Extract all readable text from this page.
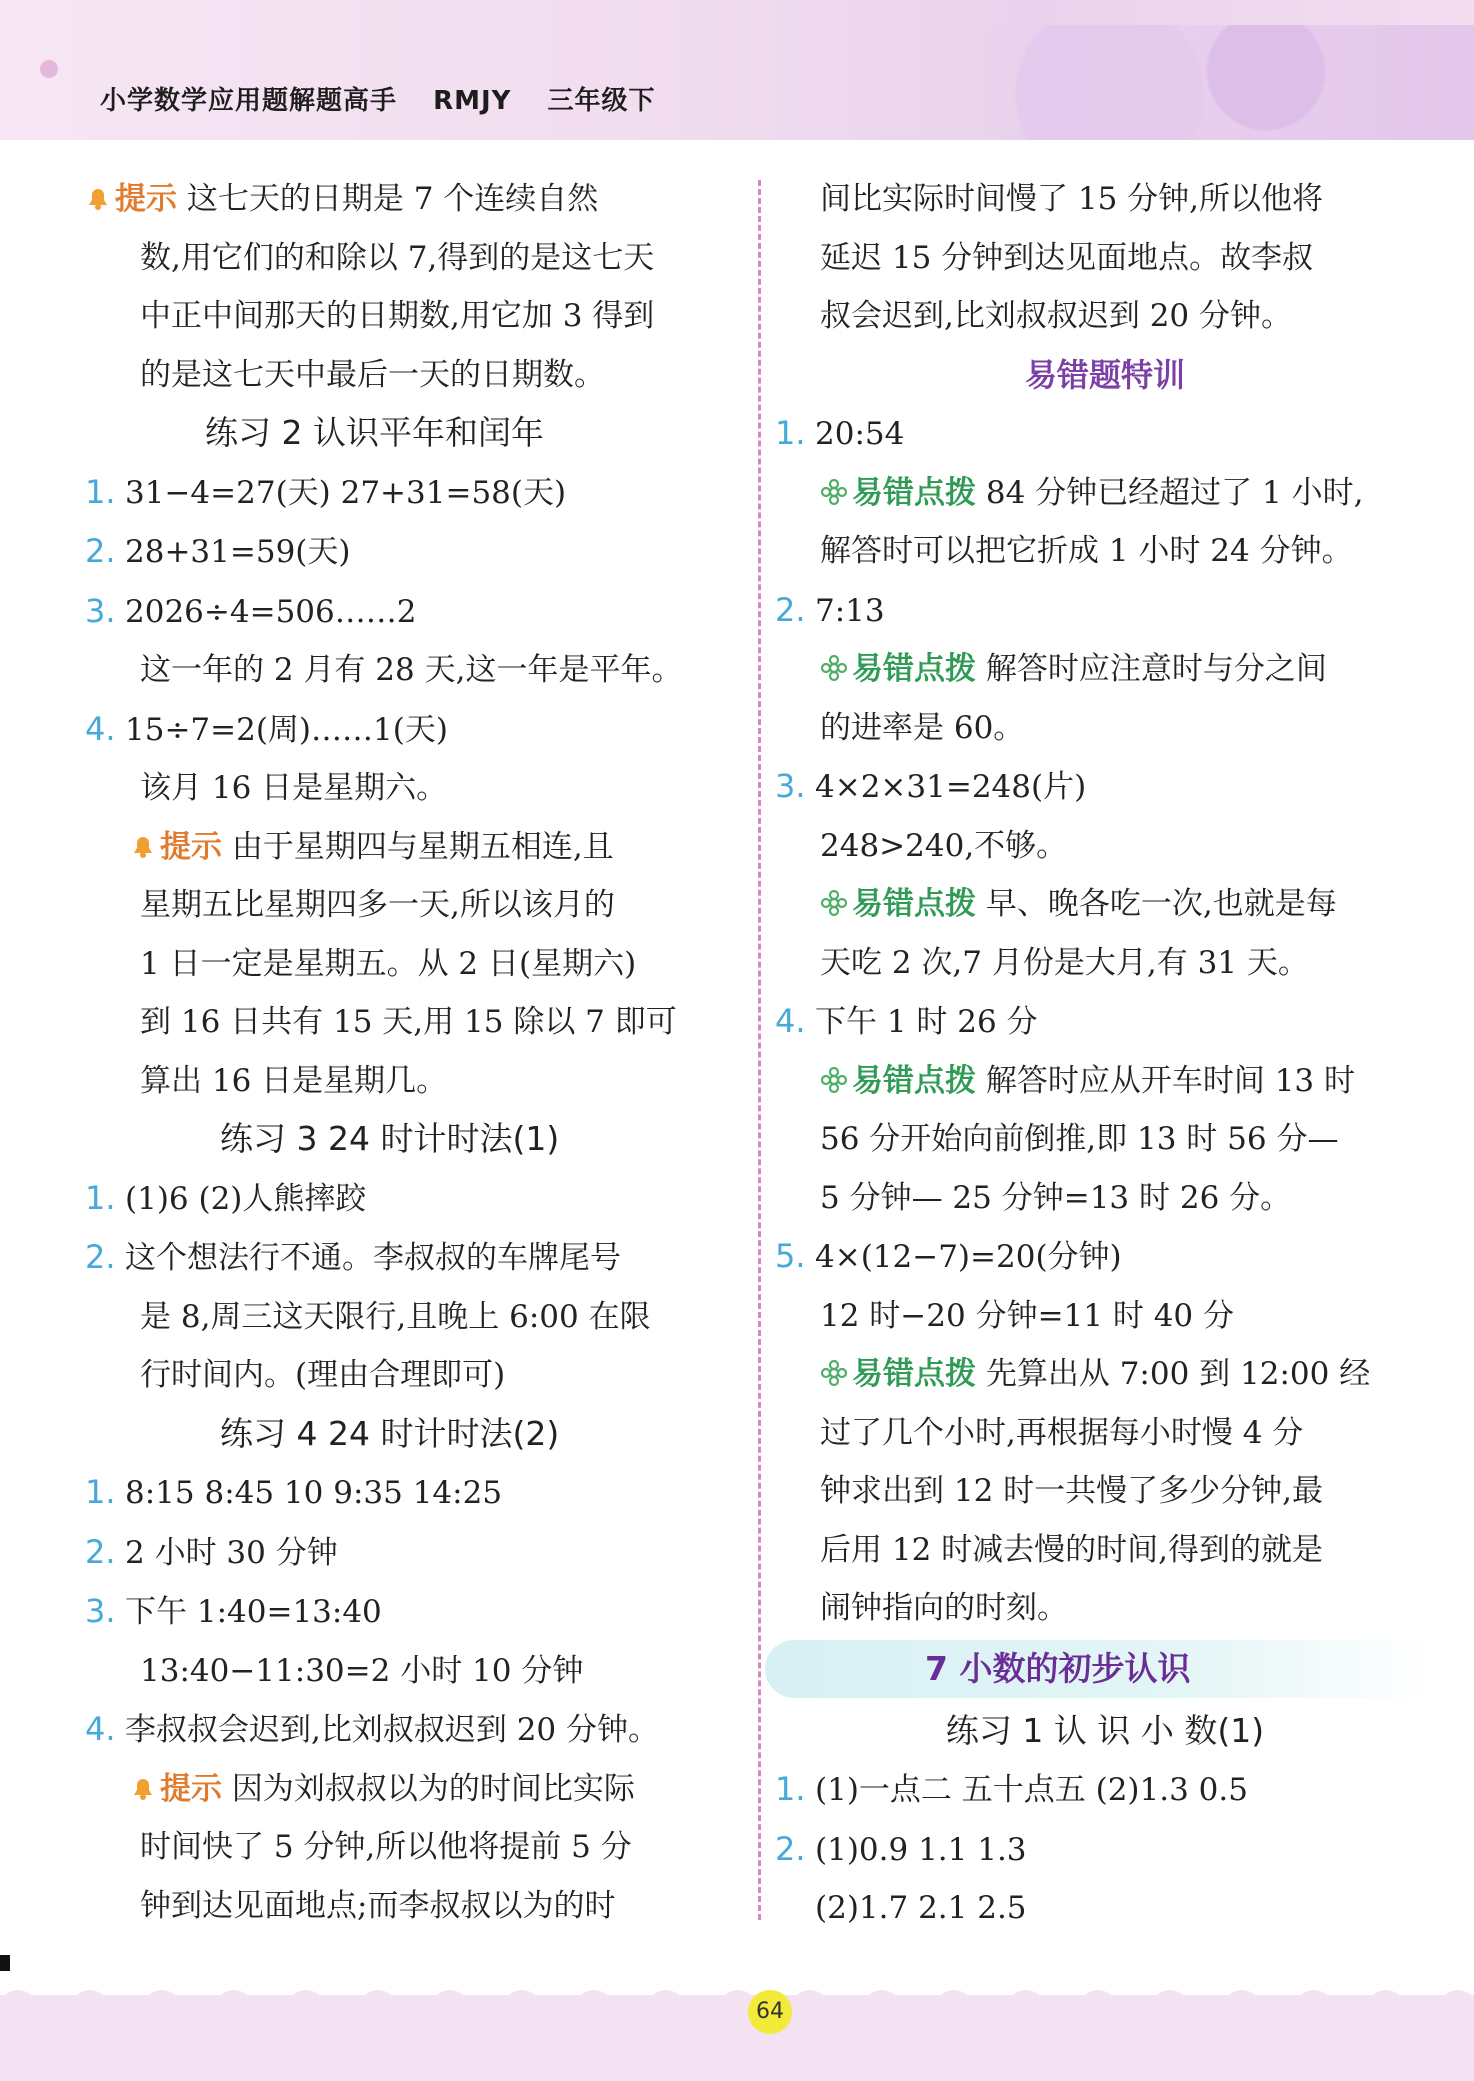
小学数学应用题解题高手 RMJY 三年级下
提示 这七天的日期是 7 个连续自然
数,用它们的和除以 7,得到的是这七天
中正中间那天的日期数,用它加 3 得到
的是这七天中最后一天的日期数。
练习 2 认识平年和闰年
1. 31−4=27(天) 27+31=58(天)
2. 28+31=59(天)
3. 2026÷4=506……2
这一年的 2 月有 28 天,这一年是平年。
4. 15÷7=2(周)……1(天)
该月 16 日是星期六。
提示 由于星期四与星期五相连,且
星期五比星期四多一天,所以该月的
1 日一定是星期五。从 2 日(星期六)
到 16 日共有 15 天,用 15 除以 7 即可
算出 16 日是星期几。
练习 3 24 时计时法(1)
1. (1)6 (2)人熊摔跤
2. 这个想法行不通。李叔叔的车牌尾号
是 8,周三这天限行,且晚上 6:00 在限
行时间内。(理由合理即可)
练习 4 24 时计时法(2)
1. 8:15 8:45 10 9:35 14:25
2. 2 小时 30 分钟
3. 下午 1:40=13:40
13:40−11:30=2 小时 10 分钟
4. 李叔叔会迟到,比刘叔叔迟到 20 分钟。
提示 因为刘叔叔以为的时间比实际
时间快了 5 分钟,所以他将提前 5 分
钟到达见面地点;而李叔叔以为的时
间比实际时间慢了 15 分钟,所以他将
延迟 15 分钟到达见面地点。故李叔
叔会迟到,比刘叔叔迟到 20 分钟。
易错题特训
1. 20:54
易错点拨 84 分钟已经超过了 1 小时,
解答时可以把它折成 1 小时 24 分钟。
2. 7:13
易错点拨 解答时应注意时与分之间
的进率是 60。
3. 4×2×31=248(片)
248>240,不够。
易错点拨 早、晚各吃一次,也就是每
天吃 2 次,7 月份是大月,有 31 天。
4. 下午 1 时 26 分
易错点拨 解答时应从开车时间 13 时
56 分开始向前倒推,即 13 时 56 分—
5 分钟— 25 分钟=13 时 26 分。
5. 4×(12−7)=20(分钟)
12 时−20 分钟=11 时 40 分
易错点拨 先算出从 7:00 到 12:00 经
过了几个小时,再根据每小时慢 4 分
钟求出到 12 时一共慢了多少分钟,最
后用 12 时减去慢的时间,得到的就是
闹钟指向的时刻。
7 小数的初步认识
练习 1 认 识 小 数(1)
1. (1)一点二 五十点五 (2)1.3 0.5
2. (1)0.9 1.1 1.3
(2)1.7 2.1 2.5
64
